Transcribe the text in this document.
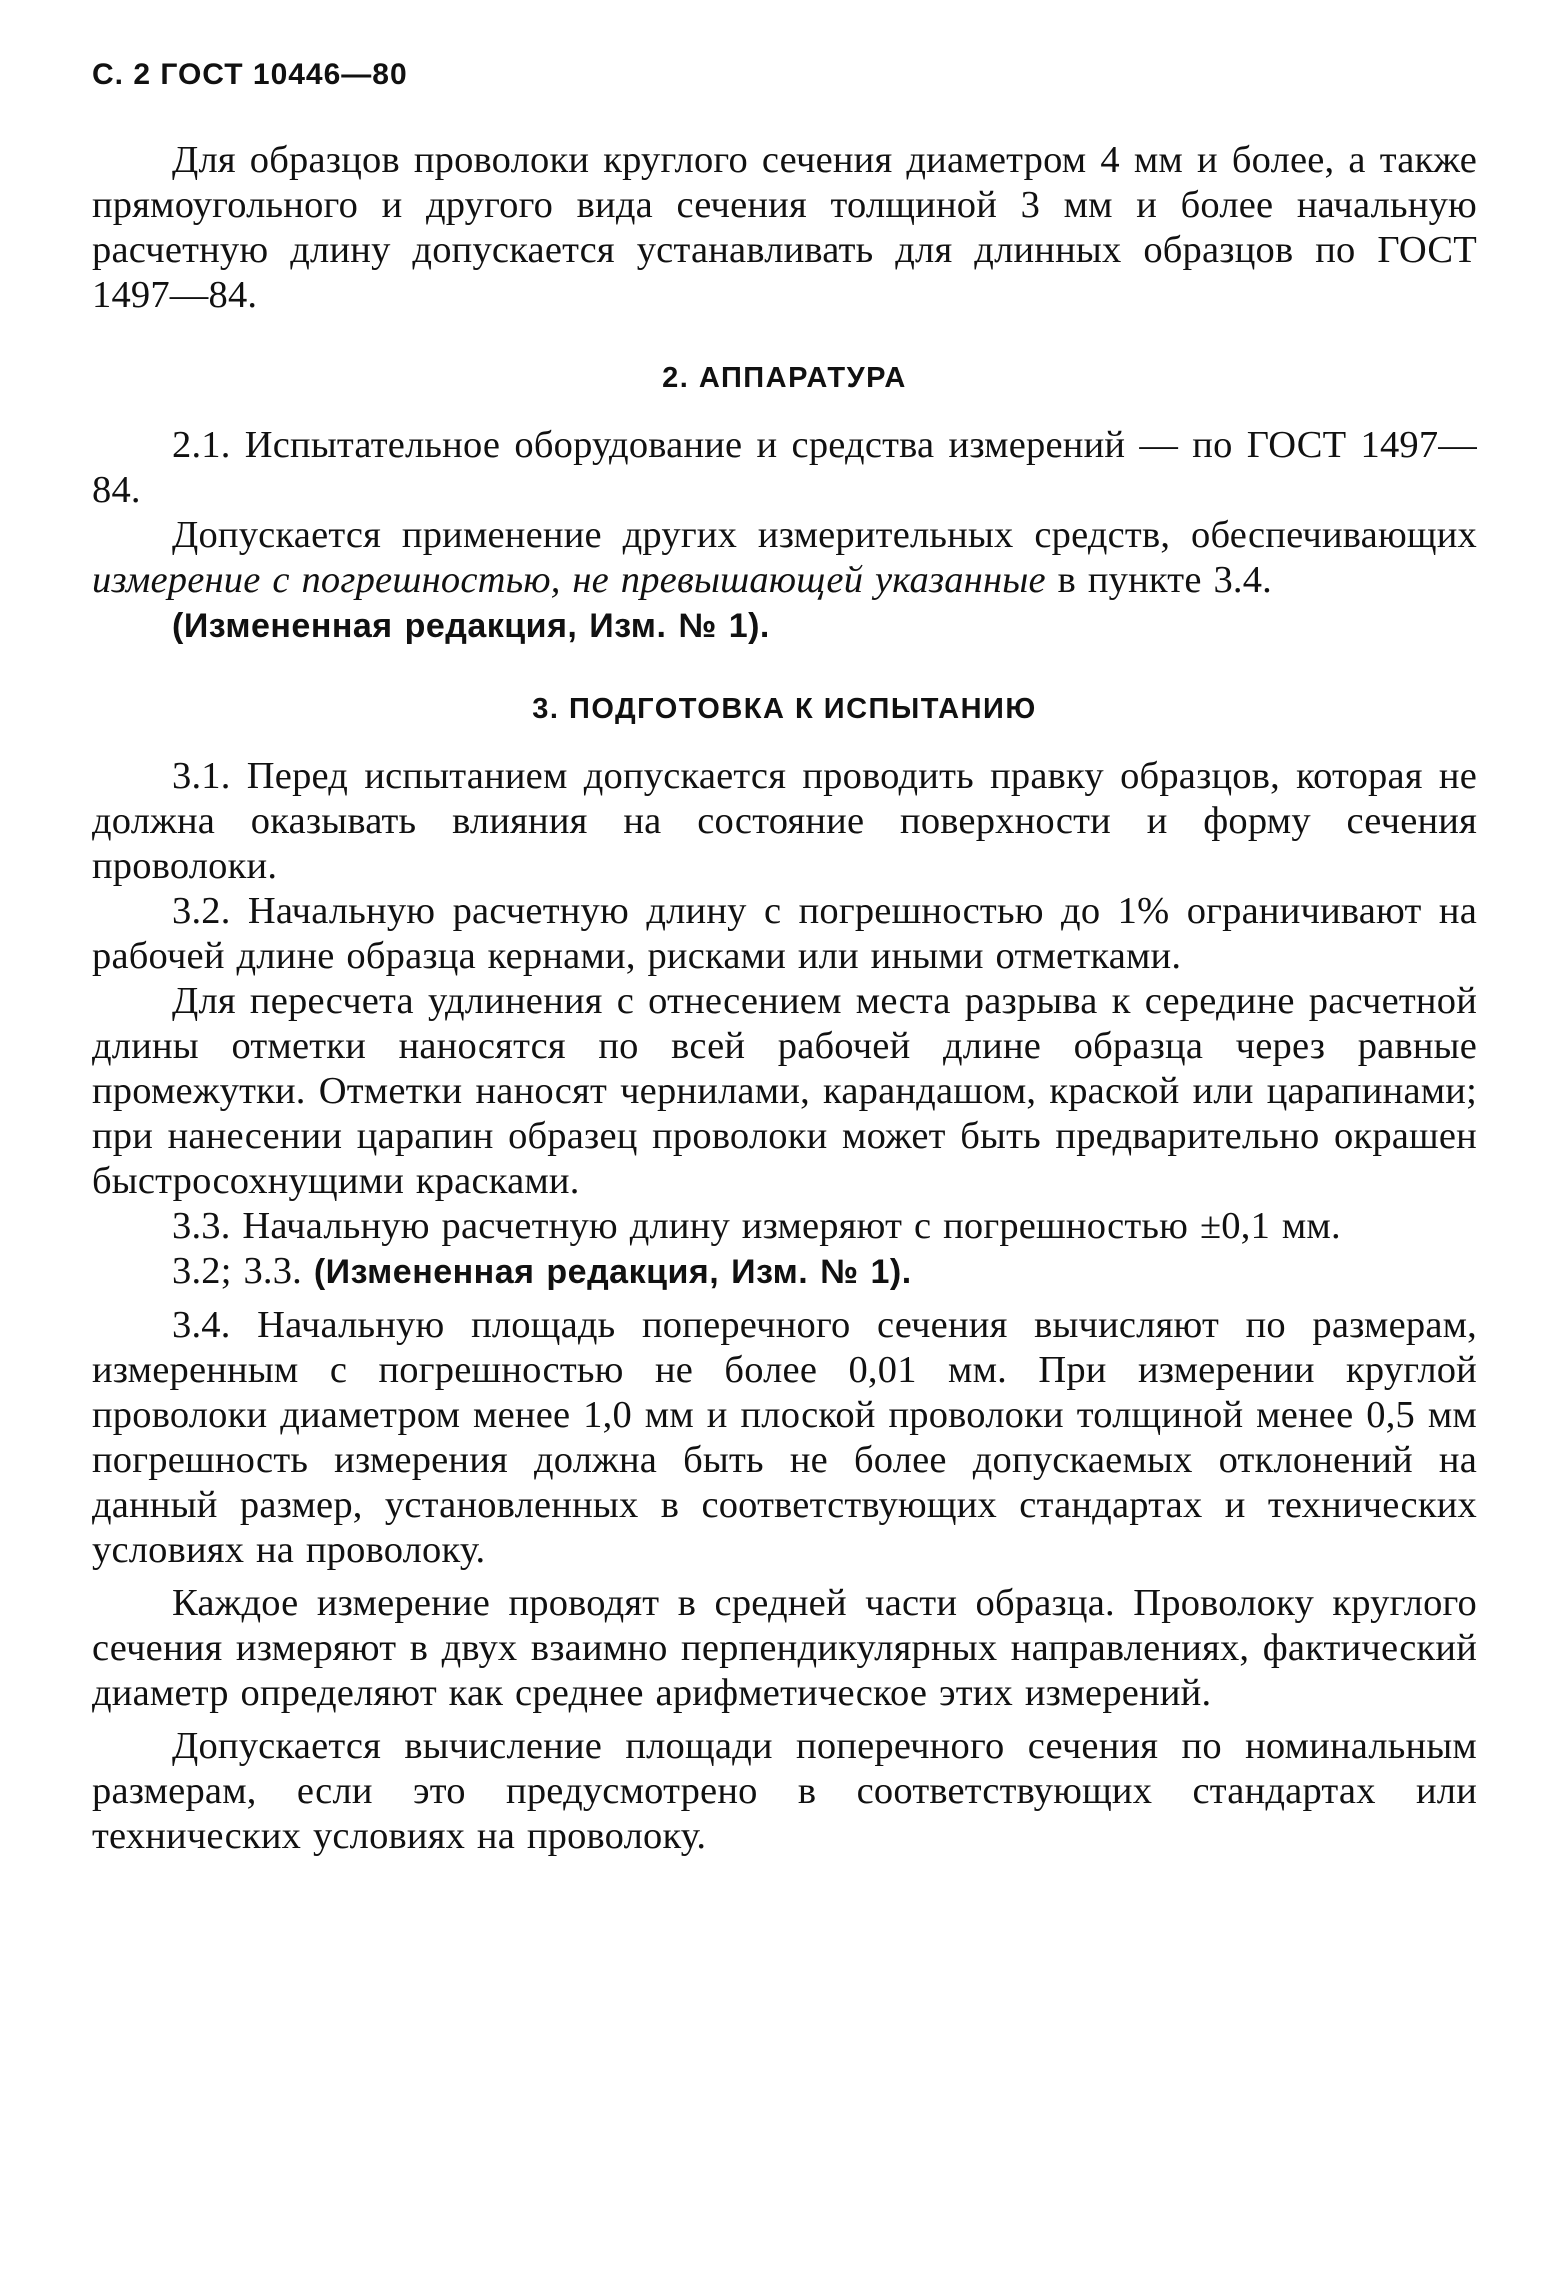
С. 2 ГОСТ 10446—80

Для образцов проволоки круглого сечения диаметром 4 мм и более, а также прямоугольного и другого вида сечения толщиной 3 мм и более начальную расчетную длину допускается устанавливать для длинных образцов по ГОСТ 1497—84.

2. АППАРАТУРА

2.1. Испытательное оборудование и средства измерений — по ГОСТ 1497—84.

Допускается применение других измерительных средств, обеспечивающих измерение с погрешностью, не превышающей указанные в пункте 3.4.

(Измененная редакция, Изм. № 1).

3. ПОДГОТОВКА К ИСПЫТАНИЮ

3.1. Перед испытанием допускается проводить правку образцов, которая не должна оказывать влияния на состояние поверхности и форму сечения проволоки.

3.2. Начальную расчетную длину с погрешностью до 1% ограничивают на рабочей длине образца кернами, рисками или иными отметками.

Для пересчета удлинения с отнесением места разрыва к середине расчетной длины отметки наносятся по всей рабочей длине образца через равные промежутки. Отметки наносят чернилами, карандашом, краской или царапинами; при нанесении царапин образец проволоки может быть предварительно окрашен быстросохнущими красками.

3.3. Начальную расчетную длину измеряют с погрешностью ±0,1 мм.

3.2; 3.3. (Измененная редакция, Изм. № 1).

3.4. Начальную площадь поперечного сечения вычисляют по размерам, измеренным с погрешностью не более 0,01 мм. При измерении круглой проволоки диаметром менее 1,0 мм и плоской проволоки толщиной менее 0,5 мм погрешность измерения должна быть не более допускаемых отклонений на данный размер, установленных в соответствующих стандартах и технических условиях на проволоку.

Каждое измерение проводят в средней части образца. Проволоку круглого сечения измеряют в двух взаимно перпендикулярных направлениях, фактический диаметр определяют как среднее арифметическое этих измерений.

Допускается вычисление площади поперечного сечения по номинальным размерам, если это предусмотрено в соответствующих стандартах или технических условиях на проволоку.
